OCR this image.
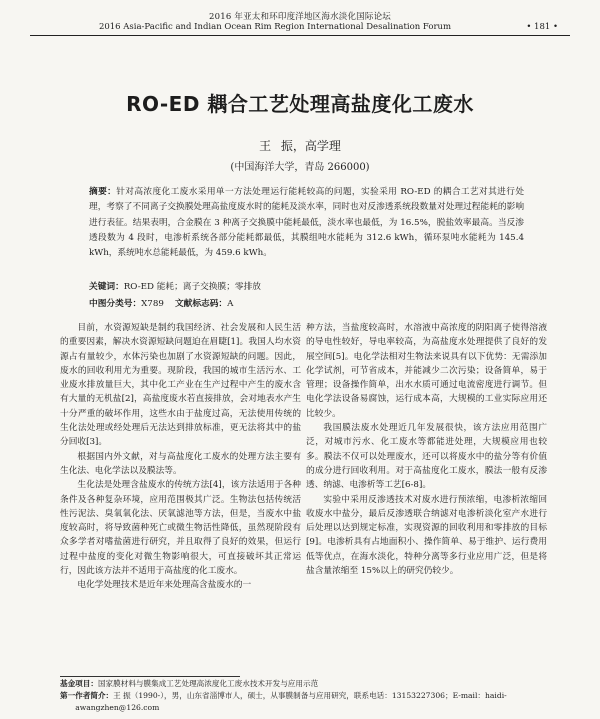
2016 年亚太和环印度洋地区海水淡化国际论坛
2016 Asia-Pacific and Indian Ocean Rim Region International Desalination Forum	• 181 •
RO-ED 耦合工艺处理高盐度化工废水
王 振，高学理
(中国海洋大学，青岛 266000)
摘要：针对高浓度化工废水采用单一方法处理运行能耗较高的问题，实验采用 RO-ED 的耦合工艺对其进行处理，考察了不同离子交换膜处理高盐度废水时的能耗及淡水率，同时也对反渗透系统段数量对处理过程能耗的影响进行表征。结果表明，合金膜在 3 种离子交换膜中能耗最低，淡水率也最低，为 16.5%，脱盐效率最高。当反渗透段数为 4 段时，电渗析系统各部分能耗都最低，其膜组吨水能耗为 312.6 kWh，循环泵吨水能耗为 145.4 kWh，系统吨水总能耗最低，为 459.6 kWh。
关键词：RO-ED 能耗；离子交换膜；零排放
中图分类号：X789 文献标志码：A

目前，水资源短缺是制约我国经济、社会发展和人民生活的重要因素，解决水资源短缺问题迫在眉睫[1]。我国人均水资源占有量较少，水体污染也加剧了水资源短缺的问题。因此，废水的回收利用尤为重要。现阶段，我国的城市生活污水、工业废水排放量巨大，其中化工产业在生产过程中产生的废水含有大量的无机盐[2]，高盐度废水若直接排放，会对地表水产生十分严重的破坏作用，这些水由于盐度过高，无法使用传统的生化法处理或经处理后无法达到排放标准，更无法将其中的盐分回收[3]。

根据国内外文献，对与高盐度化工废水的处理方法主要有生化法、电化学法以及膜法等。

生化法是处理含盐废水的传统方法[4]，该方法适用于各种条件及各种复杂环境，应用范围极其广泛。生物法包括传统活性污泥法、臭氧氧化法、厌氧滤池等方法，但是，当废水中盐度较高时，将导致菌种死亡或微生物活性降低，虽然现阶段有众多学者对嗜盐菌进行研究，并且取得了良好的效果，但运行过程中盐度的变化对微生物影响很大，可直接破坏其正常运行，因此该方法并不适用于高盐度的化工废水。

电化学处理技术是近年来处理高含盐废水的一

种方法，当盐度较高时，水溶液中高浓度的阴阳离子使得溶液的导电性较好，导电率较高，为高盐度水处理提供了良好的发展空间[5]。电化学法相对生物法来说具有以下优势：无需添加化学试剂，可节省成本，并能减少二次污染；设备简单，易于管理；设备操作简单，出水水质可通过电流密度进行调节。但电化学法设备易腐蚀，运行成本高，大规模的工业实际应用还比较少。

我国膜法废水处理近几年发展很快，该方法应用范围广泛，对城市污水、化工废水等都能进处理，大规模应用也较多。膜法不仅可以处理废水，还可以将废水中的盐分等有价值的成分进行回收利用。对于高盐度化工废水，膜法一般有反渗透、纳滤、电渗析等工艺[6-8]。

实验中采用反渗透技术对废水进行预浓缩，电渗析浓缩回收废水中盐分，最后反渗透联合纳滤对电渗析淡化室产水进行后处理以达到规定标准，实现资源的回收利用和零排放的目标[9]。电渗析具有占地面积小、操作简单、易于维护、运行费用低等优点，在海水淡化，特种分离等多行业应用广泛，但是将盐含量浓缩至 15%以上的研究仍较少。

基金项目：国家膜材料与膜集成工艺处理高浓度化工废水技术开发与应用示范
第一作者简介：王 振（1990-），男，山东省淄博市人，硕士，从事膜制备与应用研究，联系电话：13153227306；E-mail：haidi-
awangzhen@126.com
